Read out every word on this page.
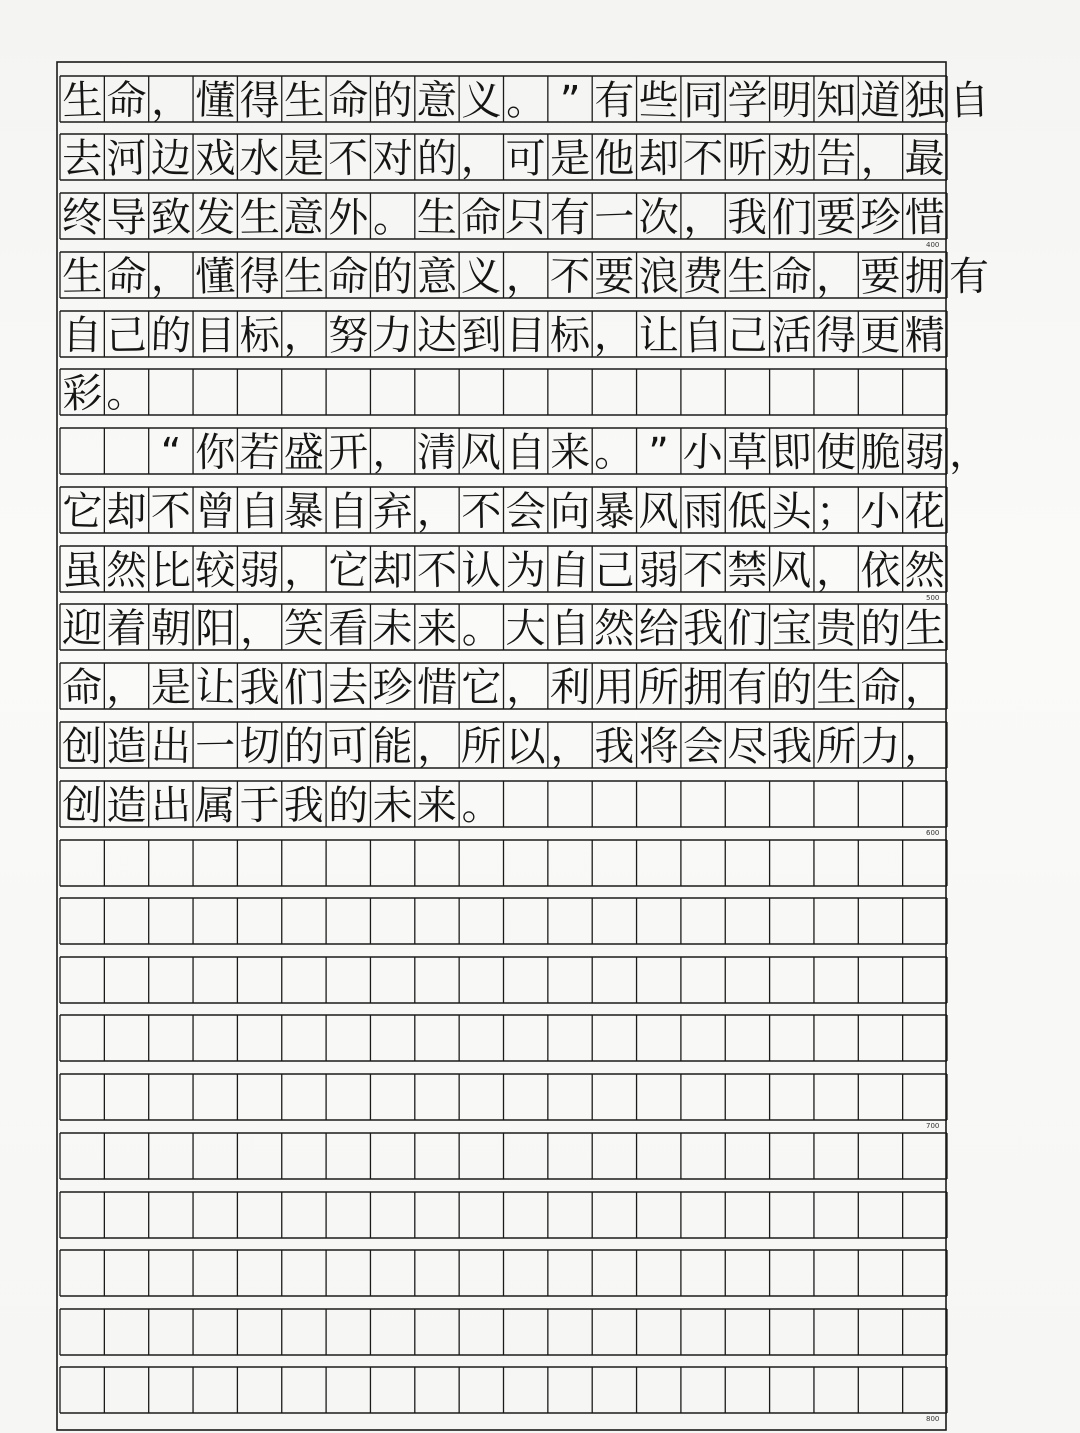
400
500
600
700
800
生 命 ， 懂 得 生 命 的 意 义 。 ” 有 些 同 学 明 知 道 独 自
去 河 边 戏 水 是 不 对 的 ， 可 是 他 却 不 听 劝 告 ， 最
终 导 致 发 生 意 外 。 生 命 只 有 一 次 ， 我 们 要 珍 惜
生 命 ， 懂 得 生 命 的 意 义 ， 不 要 浪 费 生 命 ， 要 拥 有
自 己 的 目 标 ， 努 力 达 到 目 标 ， 让 自 己 活 得 更 精
彩 。
“ 你 若 盛 开 ， 清 风 自 来 。 ” 小 草 即 使 脆 弱 ，
它 却 不 曾 自 暴 自 弃 ， 不 会 向 暴 风 雨 低 头 ； 小 花
虽 然 比 较 弱 ， 它 却 不 认 为 自 己 弱 不 禁 风 ， 依 然
迎 着 朝 阳 ， 笑 看 未 来 。 大 自 然 给 我 们 宝 贵 的 生
命 ， 是 让 我 们 去 珍 惜 它 ， 利 用 所 拥 有 的 生 命 ，
创 造 出 一 切 的 可 能 ， 所 以 ， 我 将 会 尽 我 所 力 ，
创 造 出 属 于 我 的 未 来 。
